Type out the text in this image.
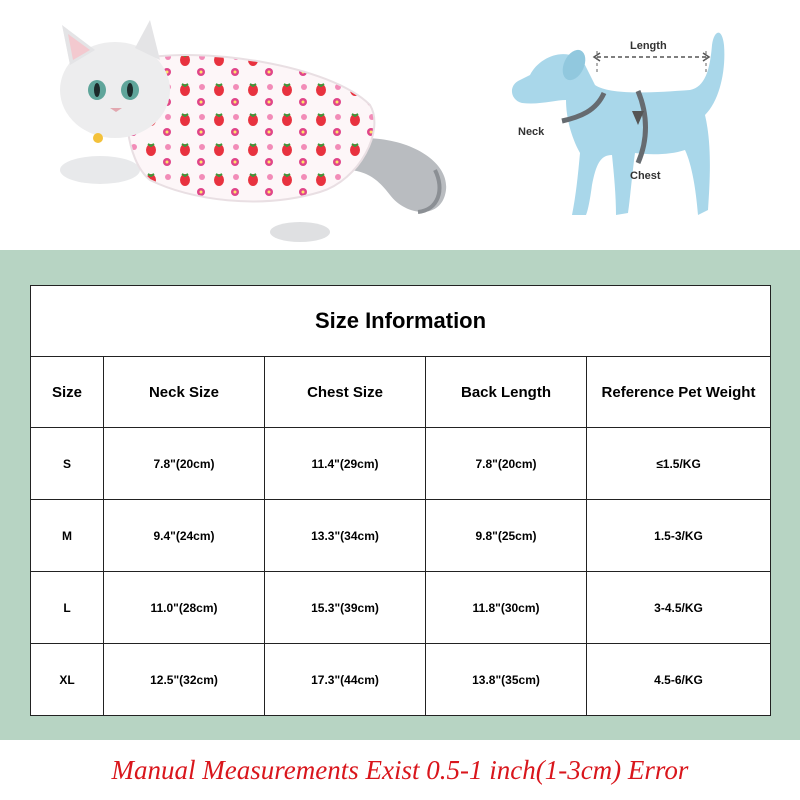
Length
Neck
Chest
Size Information				
Size	Neck Size	Chest Size	Back Length	Reference Pet Weight
S	7.8"(20cm)	11.4"(29cm)	7.8"(20cm)	≤1.5/KG
M	9.4"(24cm)	13.3"(34cm)	9.8"(25cm)	1.5-3/KG
L	11.0"(28cm)	15.3"(39cm)	11.8"(30cm)	3-4.5/KG
XL	12.5"(32cm)	17.3"(44cm)	13.8"(35cm)	4.5-6/KG
Manual Measurements Exist 0.5-1 inch(1-3cm) Error
